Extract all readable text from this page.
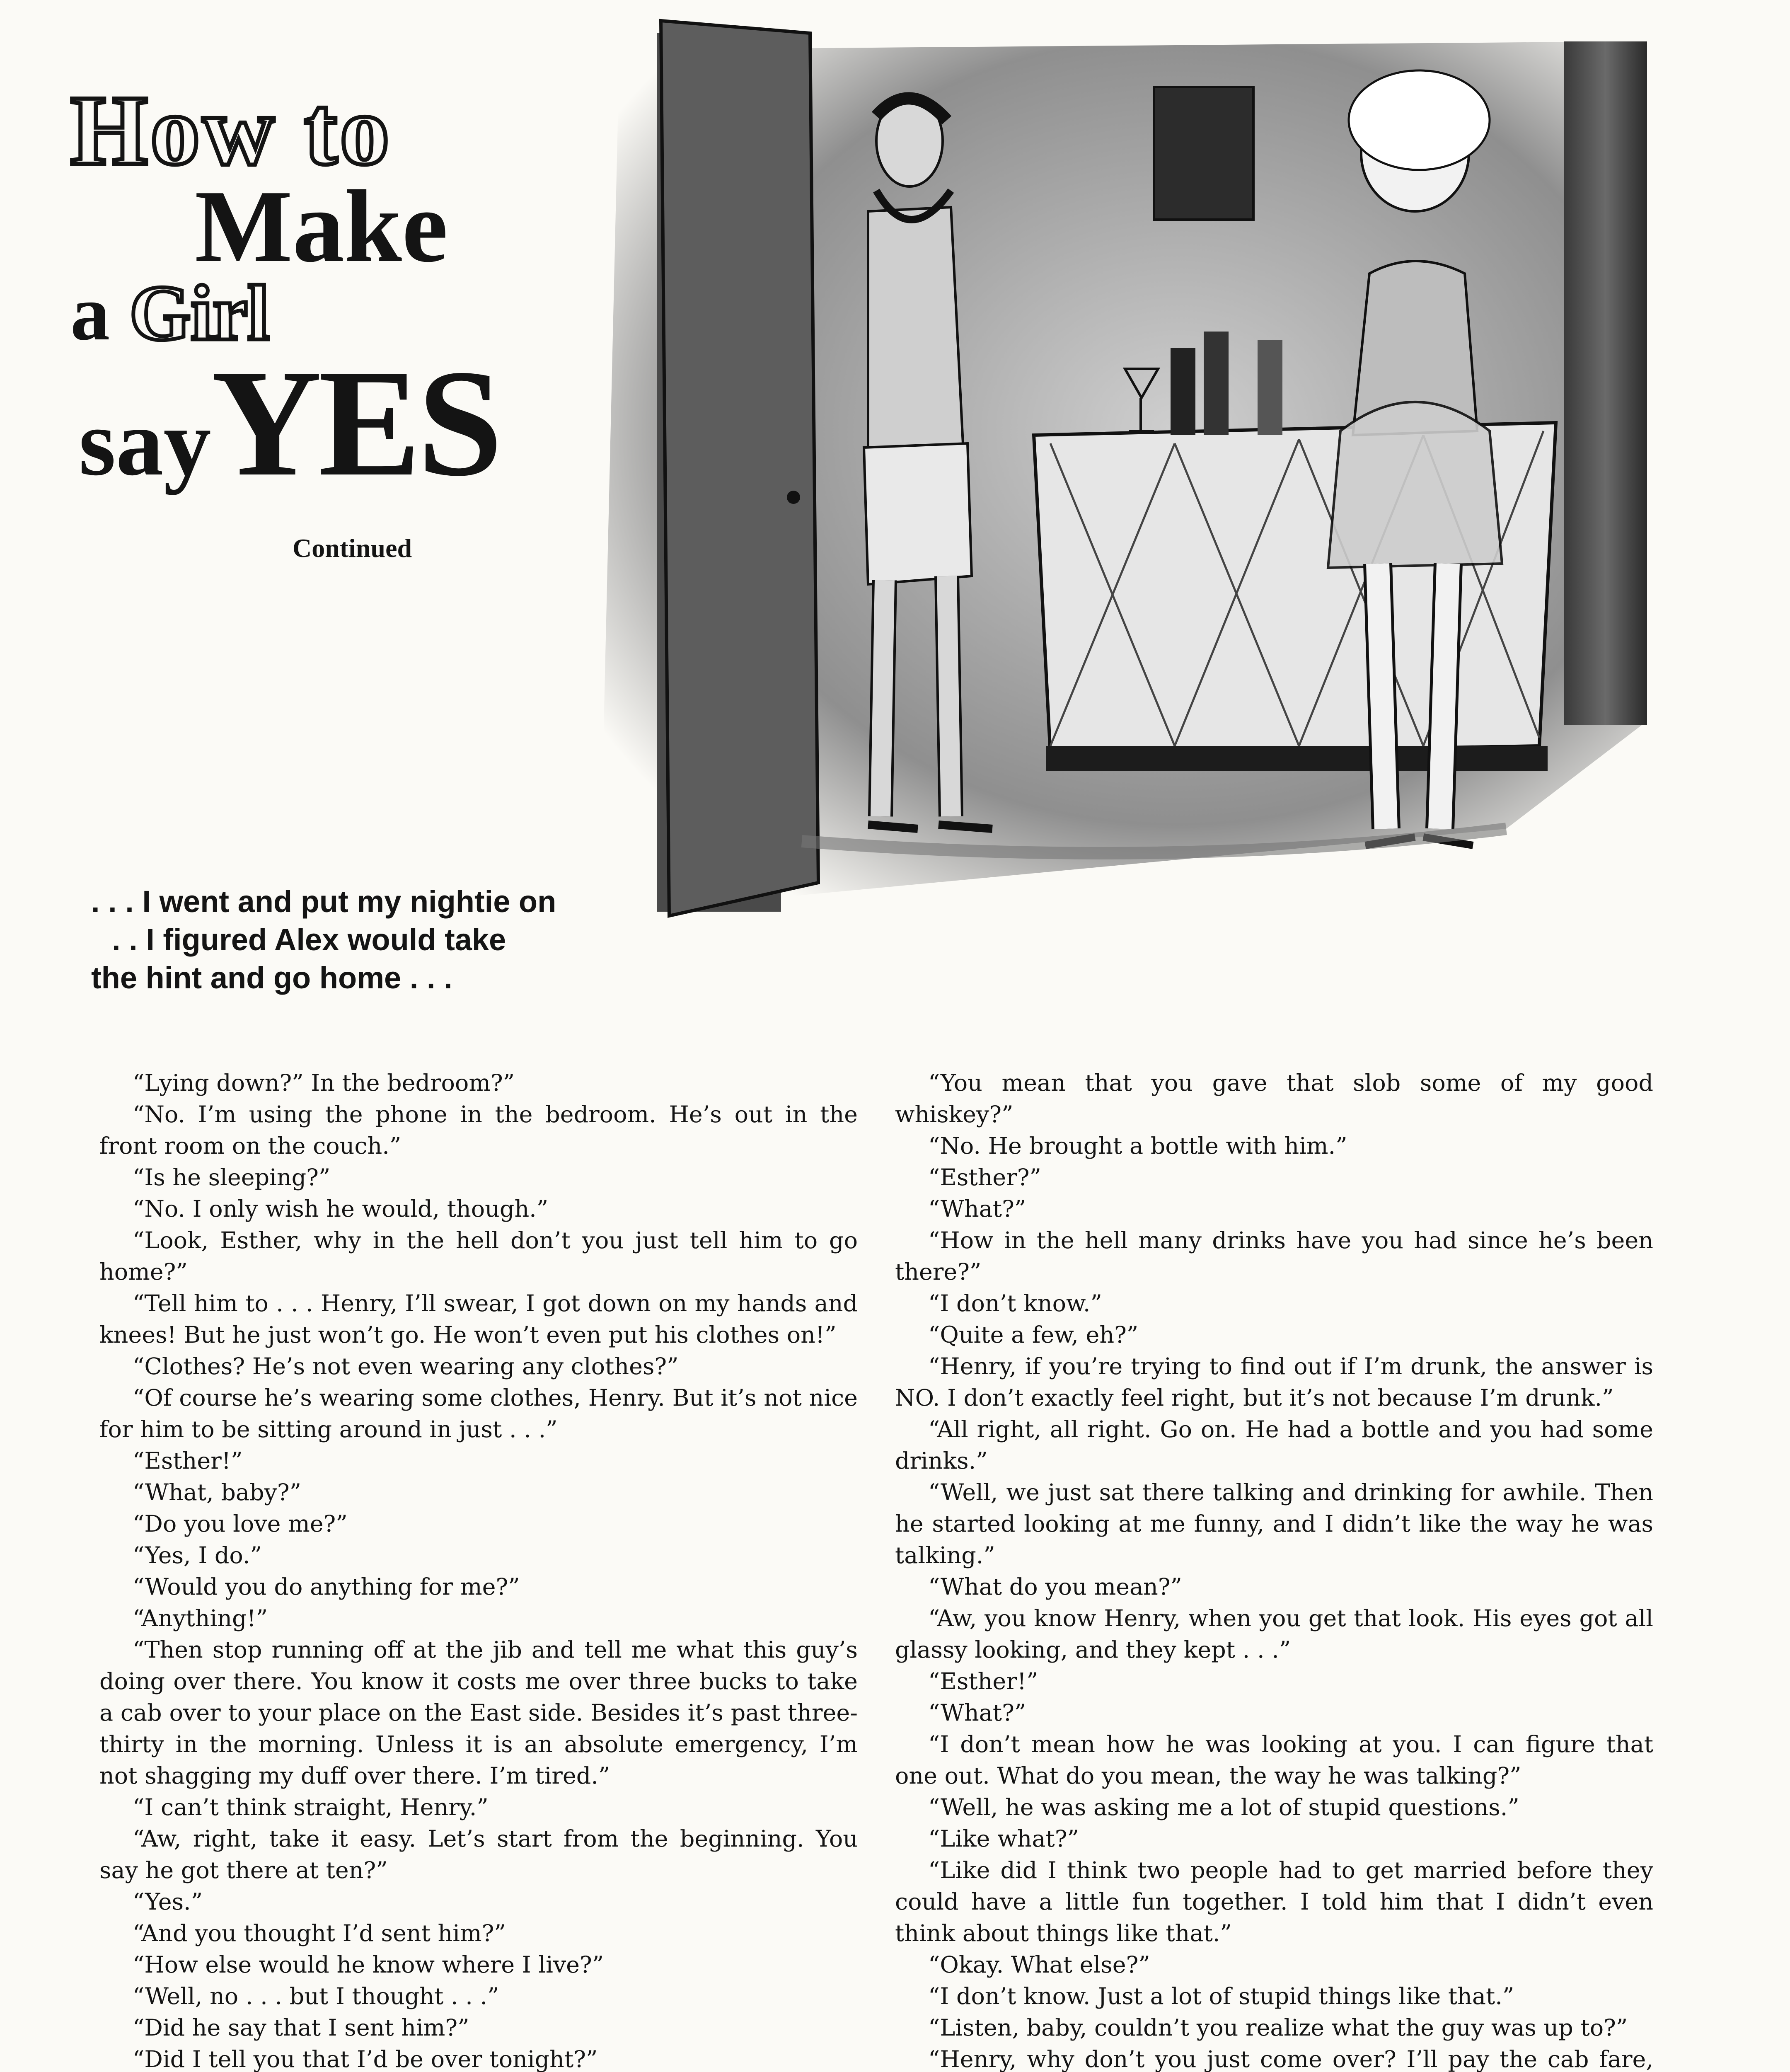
How to
Make
a Girl
sayYES
Continued
. . . I went and put my nightie on
. . I figured Alex would take
the hint and go home . . .

“Lying down?” In the bedroom?”

“No. I’m using the phone in the bedroom. He’s out in the front room on the couch.”

“Is he sleeping?”

“No. I only wish he would, though.”

“Look, Esther, why in the hell don’t you just tell him to go home?”

“Tell him to . . . Henry, I’ll swear, I got down on my hands and knees! But he just won’t go. He won’t even put his clothes on!”

“Clothes? He’s not even wearing any clothes?”

“Of course he’s wearing some clothes, Henry. But it’s not nice for him to be sitting around in just . . .”

“Esther!”

“What, baby?”

“Do you love me?”

“Yes, I do.”

“Would you do anything for me?”

“Anything!”

“Then stop running off at the jib and tell me what this guy’s doing over there. You know it costs me over three bucks to take a cab over to your place on the East side. Besides it’s past three-thirty in the morning. Unless it is an absolute emergency, I’m not shagging my duff over there. I’m tired.”

“I can’t think straight, Henry.”

“Aw, right, take it easy. Let’s start from the beginning. You say he got there at ten?”

“Yes.”

“And you thought I’d sent him?”

“How else would he know where I live?”

“Well, no . . . but I thought . . .”

“Did he say that I sent him?”

“Did I tell you that I’d be over tonight?”

“You mean that you gave that slob some of my good whiskey?”

“No. He brought a bottle with him.”

“Esther?”

“What?”

“How in the hell many drinks have you had since he’s been there?”

“I don’t know.”

“Quite a few, eh?”

“Henry, if you’re trying to find out if I’m drunk, the answer is NO. I don’t exactly feel right, but it’s not because I’m drunk.”

“All right, all right. Go on. He had a bottle and you had some drinks.”

“Well, we just sat there talking and drinking for awhile. Then he started looking at me funny, and I didn’t like the way he was talking.”

“What do you mean?”

“Aw, you know Henry, when you get that look. His eyes got all glassy looking, and they kept . . .”

“Esther!”

“What?”

“I don’t mean how he was looking at you. I can figure that one out. What do you mean, the way he was talking?”

“Well, he was asking me a lot of stupid questions.”

“Like what?”

“Like did I think two people had to get married before they could have a little fun together. I told him that I didn’t even think about things like that.”

“Okay. What else?”

“I don’t know. Just a lot of stupid things like that.”

“Listen, baby, couldn’t you realize what the guy was up to?”

“Henry, why don’t you just come over? I’ll pay the cab fare,
